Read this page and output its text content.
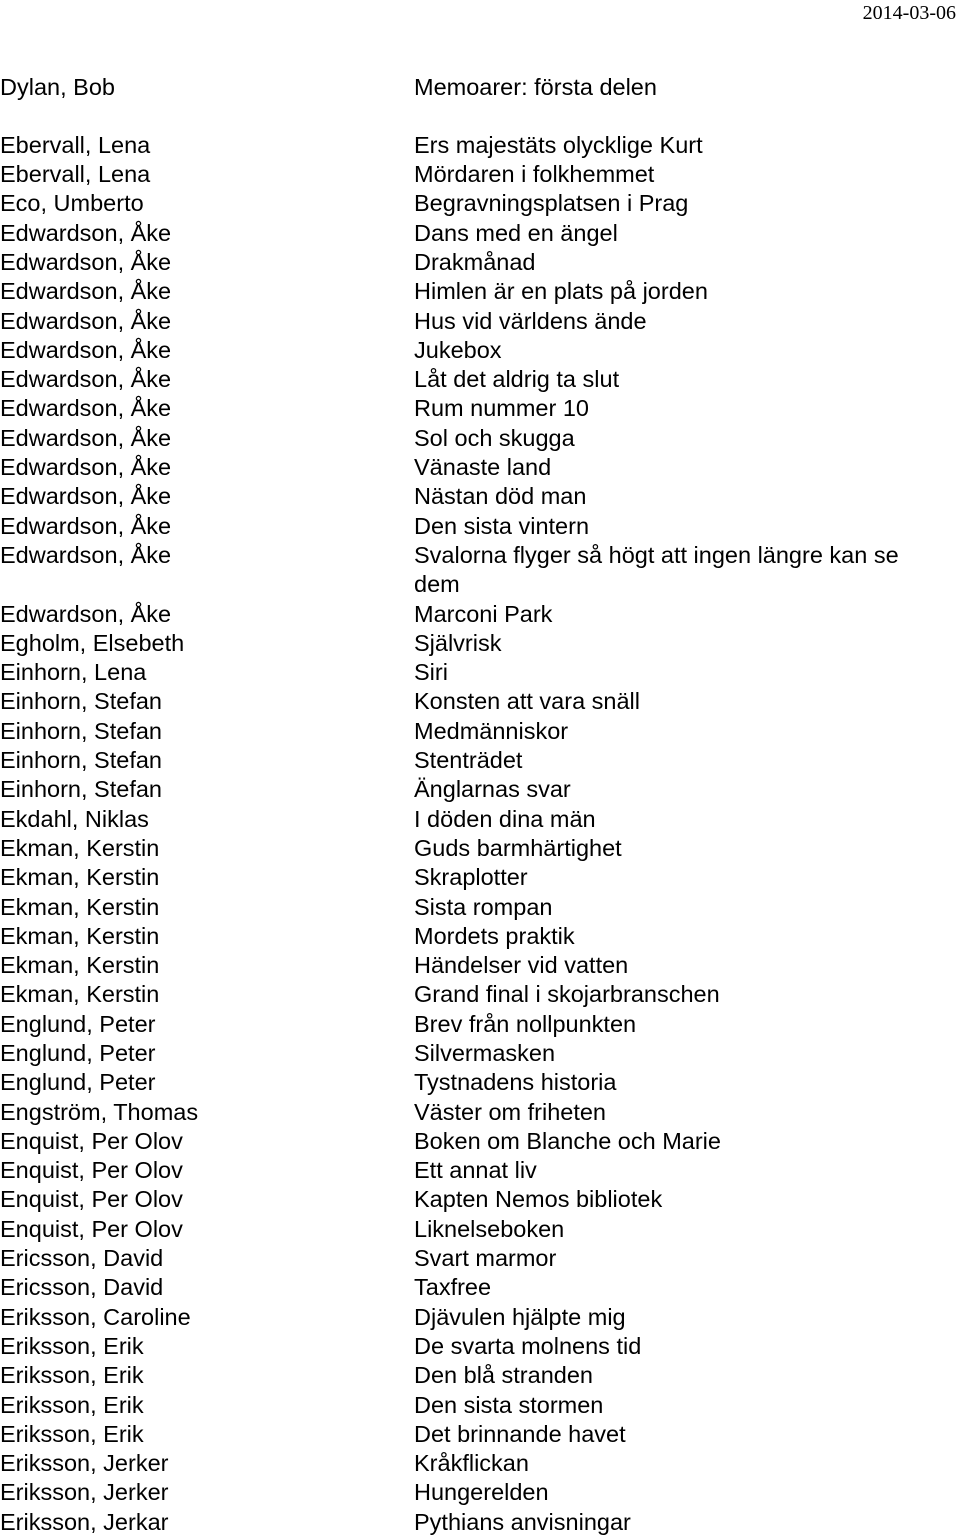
2014-03-06
Dylan, Bob	Memoarer: första delen
Ebervall, Lena	Ers majestäts olycklige Kurt
Ebervall, Lena	Mördaren i folkhemmet
Eco, Umberto	Begravningsplatsen i Prag
Edwardson, Åke	Dans med en ängel
Edwardson, Åke	Drakmånad
Edwardson, Åke	Himlen är en plats på jorden
Edwardson, Åke	Hus vid världens ände
Edwardson, Åke	Jukebox
Edwardson, Åke	Låt det aldrig ta slut
Edwardson, Åke	Rum nummer 10
Edwardson, Åke	Sol och skugga
Edwardson, Åke	Vänaste land
Edwardson, Åke	Nästan död man
Edwardson, Åke	Den sista vintern
Edwardson, Åke	Svalorna flyger så högt att ingen längre kan se dem
Edwardson, Åke	Marconi Park
Egholm, Elsebeth	Självrisk
Einhorn, Lena	Siri
Einhorn, Stefan	Konsten att vara snäll
Einhorn, Stefan	Medmänniskor
Einhorn, Stefan	Stenträdet
Einhorn, Stefan	Änglarnas svar
Ekdahl, Niklas	I döden dina män
Ekman, Kerstin	Guds barmhärtighet
Ekman, Kerstin	Skraplotter
Ekman, Kerstin	Sista rompan
Ekman, Kerstin	Mordets praktik
Ekman, Kerstin	Händelser vid vatten
Ekman, Kerstin	Grand final i skojarbranschen
Englund, Peter	Brev från nollpunkten
Englund, Peter	Silvermasken
Englund, Peter	Tystnadens historia
Engström, Thomas	Väster om friheten
Enquist, Per Olov	Boken om Blanche och Marie
Enquist, Per Olov	Ett annat liv
Enquist, Per Olov	Kapten Nemos bibliotek
Enquist, Per Olov	Liknelseboken
Ericsson, David	Svart marmor
Ericsson, David	Taxfree
Eriksson, Caroline	Djävulen hjälpte mig
Eriksson, Erik	De svarta molnens tid
Eriksson, Erik	Den blå stranden
Eriksson, Erik	Den sista stormen
Eriksson, Erik	Det brinnande havet
Eriksson, Jerker	Kråkflickan
Eriksson, Jerker	Hungerelden
Eriksson, Jerkar	Pythians anvisningar
